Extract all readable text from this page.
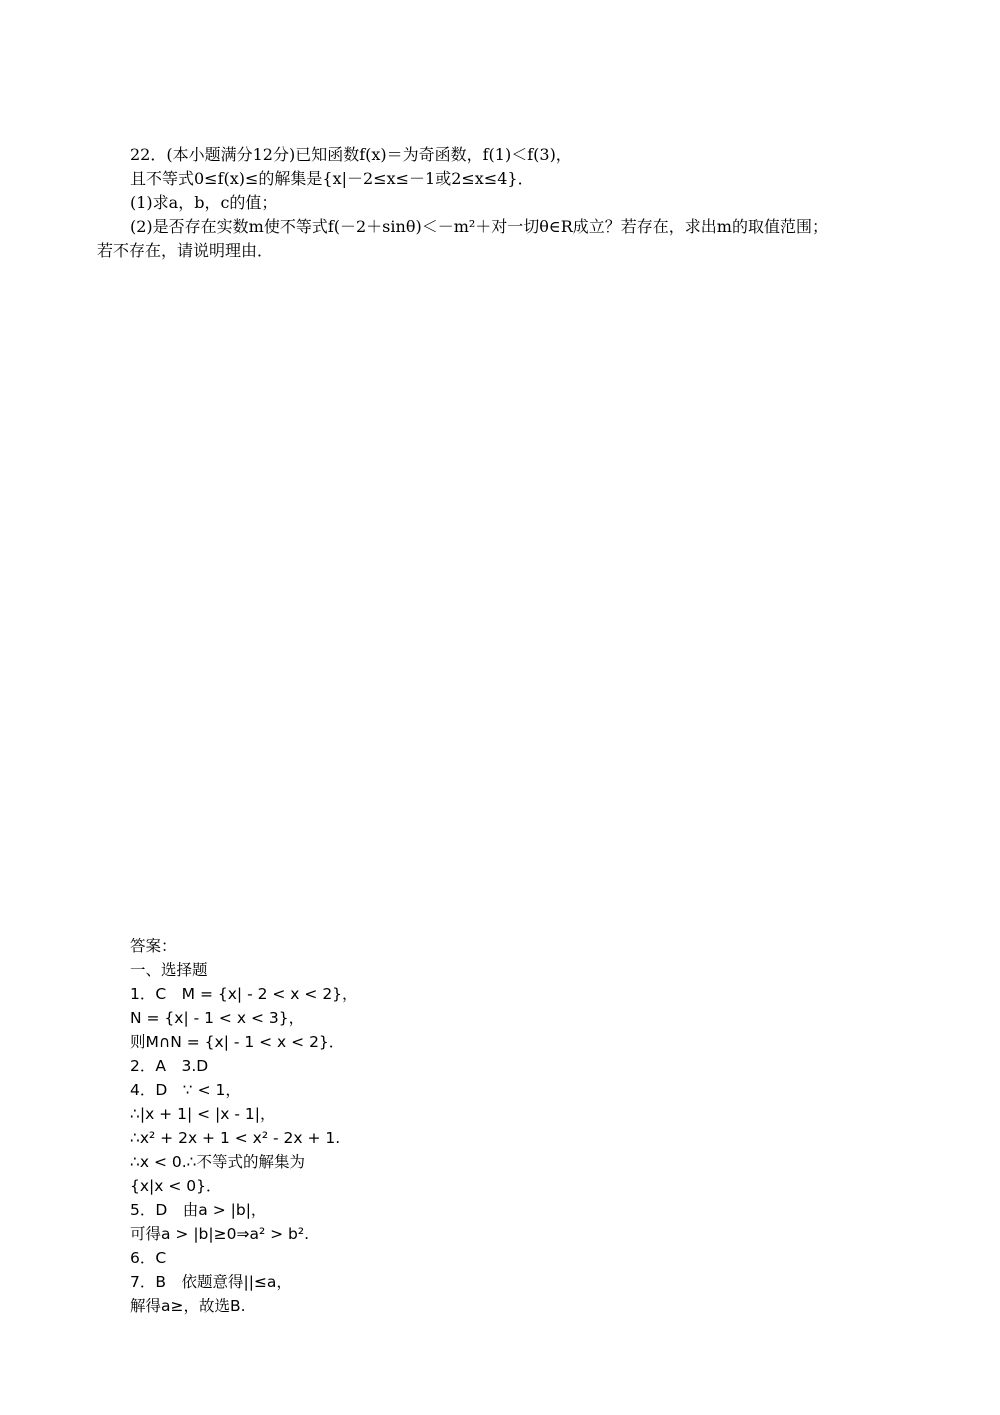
22．(本小题满分12分)已知函数f(x)＝为奇函数，f(1)＜f(3)，
且不等式0≤f(x)≤的解集是{x|－2≤x≤－1或2≤x≤4}．
(1)求a，b，c的值；
(2)是否存在实数m使不等式f(－2＋sinθ)＜－m²＋对一切θ∈R成立？若存在，求出m的取值范围；
若不存在，请说明理由．
答案：
一、选择题
1．C　M = {x| - 2 < x < 2}，
N = {x| - 1 < x < 3}，
则M∩N = {x| - 1 < x < 2}．
2．A　3.D
4．D　∵ < 1，
∴|x + 1| < |x - 1|，
∴x² + 2x + 1 < x² - 2x + 1.
∴x < 0.∴不等式的解集为
{x|x < 0}．
5．D　由a > |b|，
可得a > |b|≥0⇒a² > b².
6．C
7．B　依题意得||≤a，
解得a≥，故选B.
